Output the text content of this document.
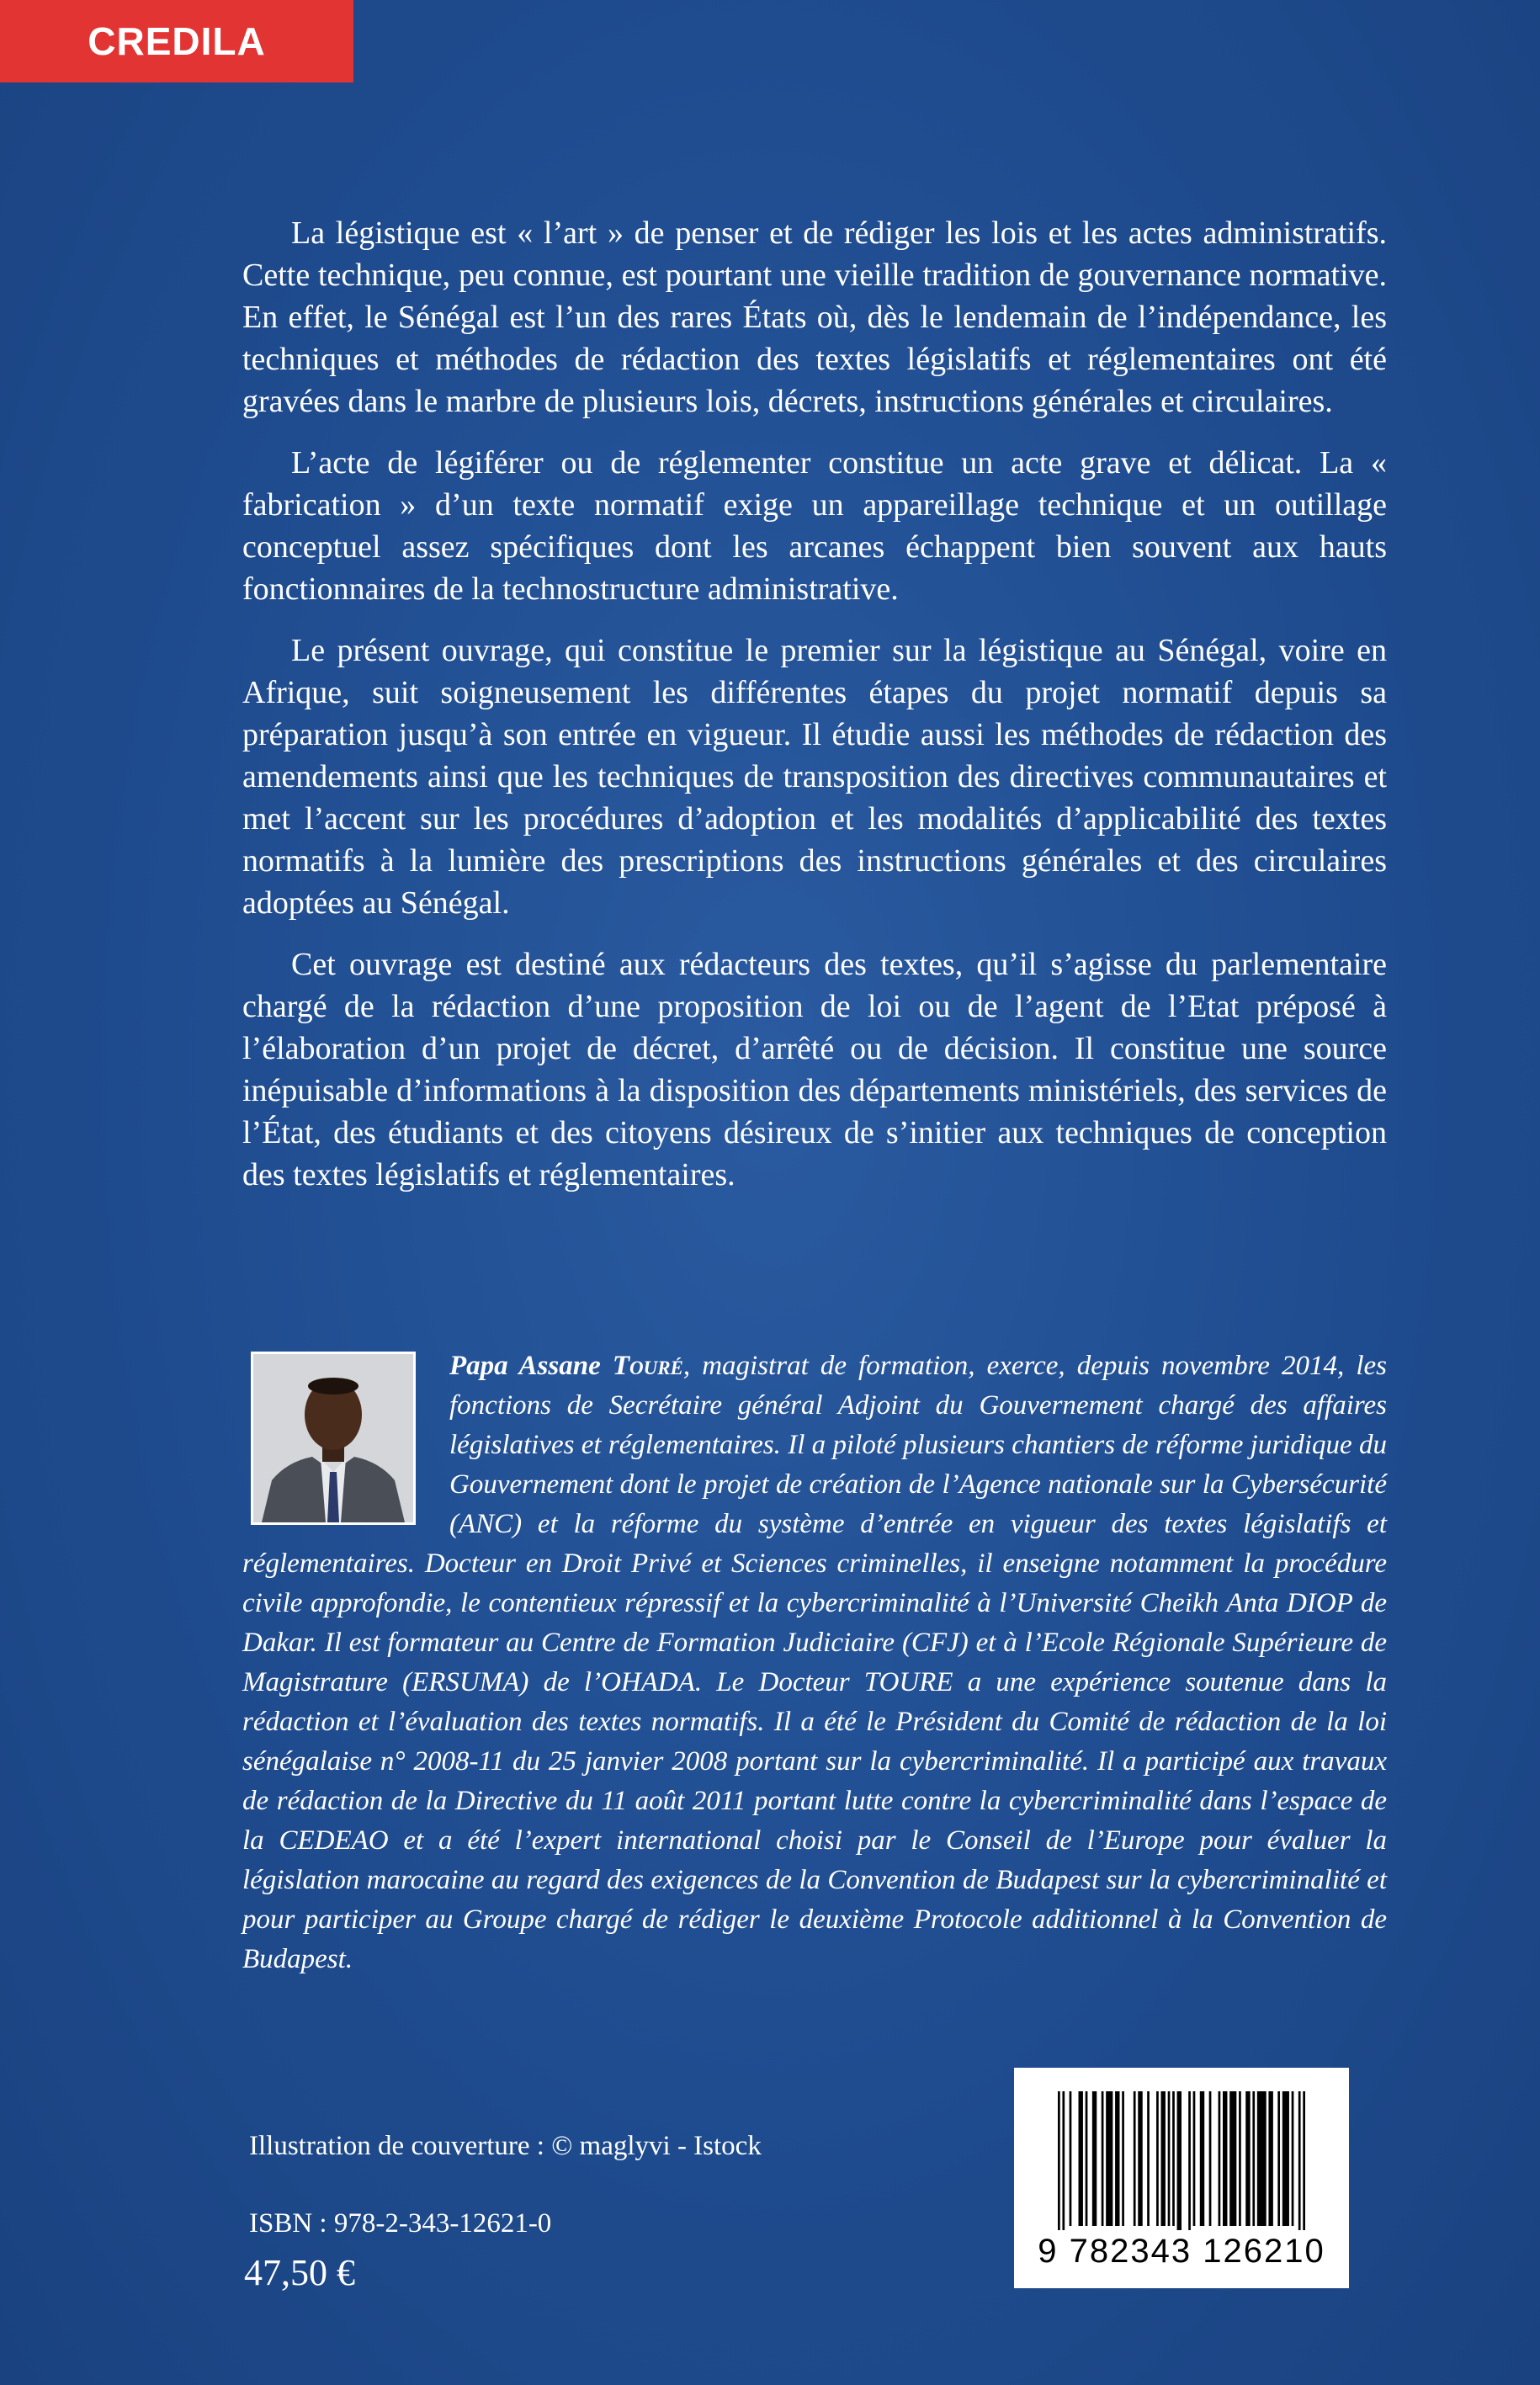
CREDILA

La légistique est « l’art » de penser et de rédiger les lois et les actes administratifs. Cette technique, peu connue, est pourtant une vieille tradition de gouvernance normative. En effet, le Sénégal est l’un des rares États où, dès le lendemain de l’indépendance, les techniques et méthodes de rédaction des textes législatifs et réglementaires ont été gravées dans le marbre de plusieurs lois, décrets, instructions générales et circulaires.

L’acte de légiférer ou de réglementer constitue un acte grave et délicat. La « fabrication » d’un texte normatif exige un appareillage technique et un outillage conceptuel assez spécifiques dont les arcanes échappent bien souvent aux hauts fonctionnaires de la technostructure administrative.

Le présent ouvrage, qui constitue le premier sur la légistique au Sénégal, voire en Afrique, suit soigneusement les différentes étapes du projet normatif depuis sa préparation jusqu’à son entrée en vigueur. Il étudie aussi les méthodes de rédaction des amendements ainsi que les techniques de transposition des directives communautaires et met l’accent sur les procédures d’adoption et les modalités d’applicabilité des textes normatifs à la lumière des prescriptions des instructions générales et des circulaires adoptées au Sénégal.

Cet ouvrage est destiné aux rédacteurs des textes, qu’il s’agisse du parlementaire chargé de la rédaction d’une proposition de loi ou de l’agent de l’Etat préposé à l’élaboration d’un projet de décret, d’arrêté ou de décision. Il constitue une source inépuisable d’informations à la disposition des départements ministériels, des services de l’État, des étudiants et des citoyens désireux de s’initier aux techniques de conception des textes législatifs et réglementaires.

Papa Assane Touré, magistrat de formation, exerce, depuis novembre 2014, les fonctions de Secrétaire général Adjoint du Gouvernement chargé des affaires législatives et réglementaires. Il a piloté plusieurs chantiers de réforme juridique du Gouvernement dont le projet de création de l’Agence nationale sur la Cybersécurité (ANC) et la réforme du système d’entrée en vigueur des textes législatifs et réglementaires. Docteur en Droit Privé et Sciences criminelles, il enseigne notamment la procédure civile approfondie, le contentieux répressif et la cybercriminalité à l’Université Cheikh Anta DIOP de Dakar. Il est formateur au Centre de Formation Judiciaire (CFJ) et à l’Ecole Régionale Supérieure de Magistrature (ERSUMA) de l’OHADA. Le Docteur TOURE a une expérience soutenue dans la rédaction et l’évaluation des textes normatifs. Il a été le Président du Comité de rédaction de la loi sénégalaise n° 2008-11 du 25 janvier 2008 portant sur la cybercriminalité. Il a participé aux travaux de rédaction de la Directive du 11 août 2011 portant lutte contre la cybercriminalité dans l’espace de la CEDEAO et a été l’expert international choisi par le Conseil de l’Europe pour évaluer la législation marocaine au regard des exigences de la Convention de Budapest sur la cybercriminalité et pour participer au Groupe chargé de rédiger le deuxième Protocole additionnel à la Convention de Budapest.

Illustration de couverture : © maglyvi - Istock
ISBN : 978-2-343-12621-0
47,50 €
9 782343 126210
